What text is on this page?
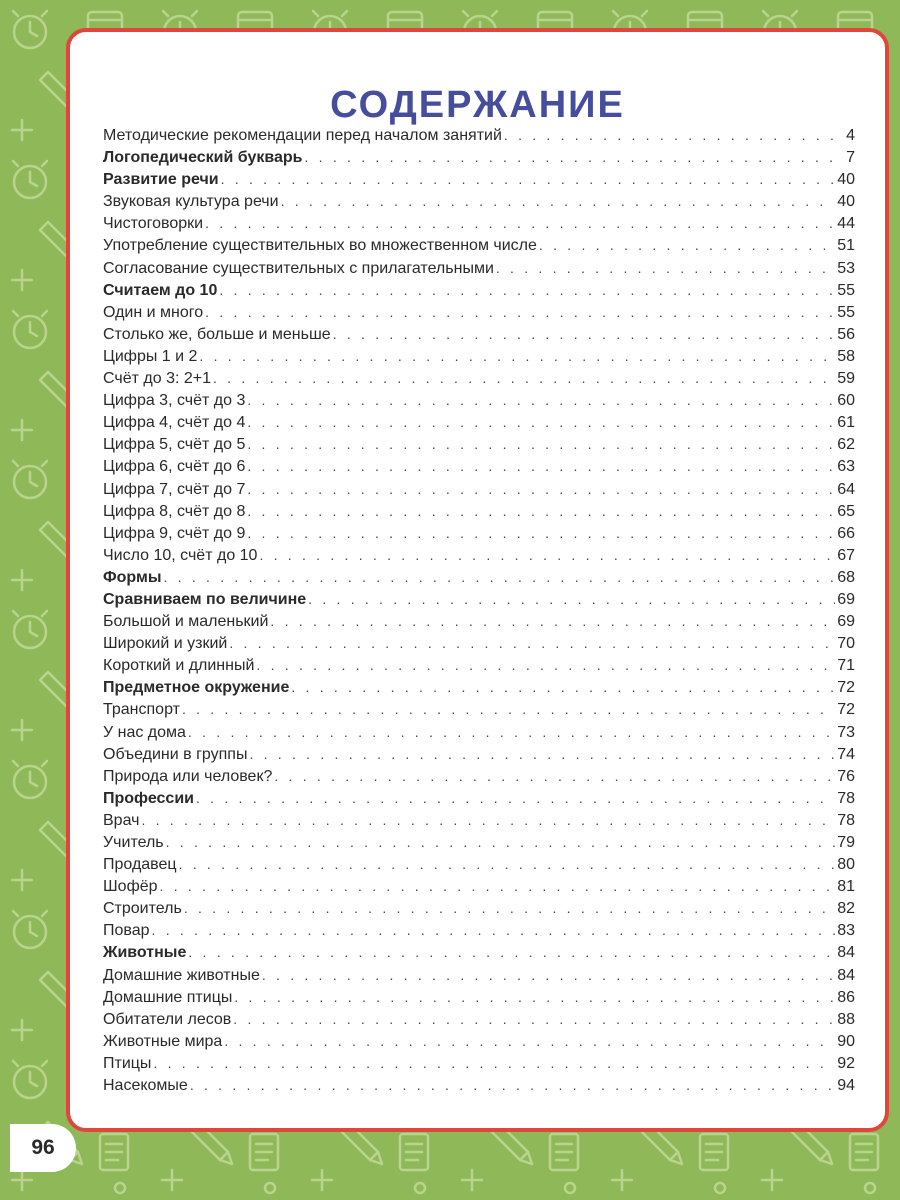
СОДЕРЖАНИЕ
Методические рекомендации перед началом занятий . . .	4
Логопедический букварь . . .	7
Развитие речи . . .	40
Звуковая культура речи . . .	40
Чистоговорки . . .	44
Употребление существительных во множественном числе . . .	51
Согласование существительных с прилагательными . . .	53
Считаем до 10 . . .	55
Один и много . . .	55
Столько же, больше и меньше . . .	56
Цифры 1 и 2 . . .	58
Счёт до 3: 2+1 . . .	59
Цифра 3, счёт до 3 . . .	60
Цифра 4, счёт до 4 . . .	61
Цифра 5, счёт до 5 . . .	62
Цифра 6, счёт до 6 . . .	63
Цифра 7, счёт до 7 . . .	64
Цифра 8, счёт до 8 . . .	65
Цифра 9, счёт до 9 . . .	66
Число 10, счёт до 10 . . .	67
Формы . . .	68
Сравниваем по величине . . .	69
Большой и маленький . . .	69
Широкий и узкий . . .	70
Короткий и длинный . . .	71
Предметное окружение . . .	72
Транспорт . . .	72
У нас дома . . .	73
Объедини в группы . . .	74
Природа или человек? . . .	76
Профессии . . .	78
Врач . . .	78
Учитель . . .	79
Продавец . . .	80
Шофёр . . .	81
Строитель . . .	82
Повар . . .	83
Животные . . .	84
Домашние животные . . .	84
Домашние птицы . . .	86
Обитатели лесов . . .	88
Животные мира . . .	90
Птицы . . .	92
Насекомые . . .	94
96
